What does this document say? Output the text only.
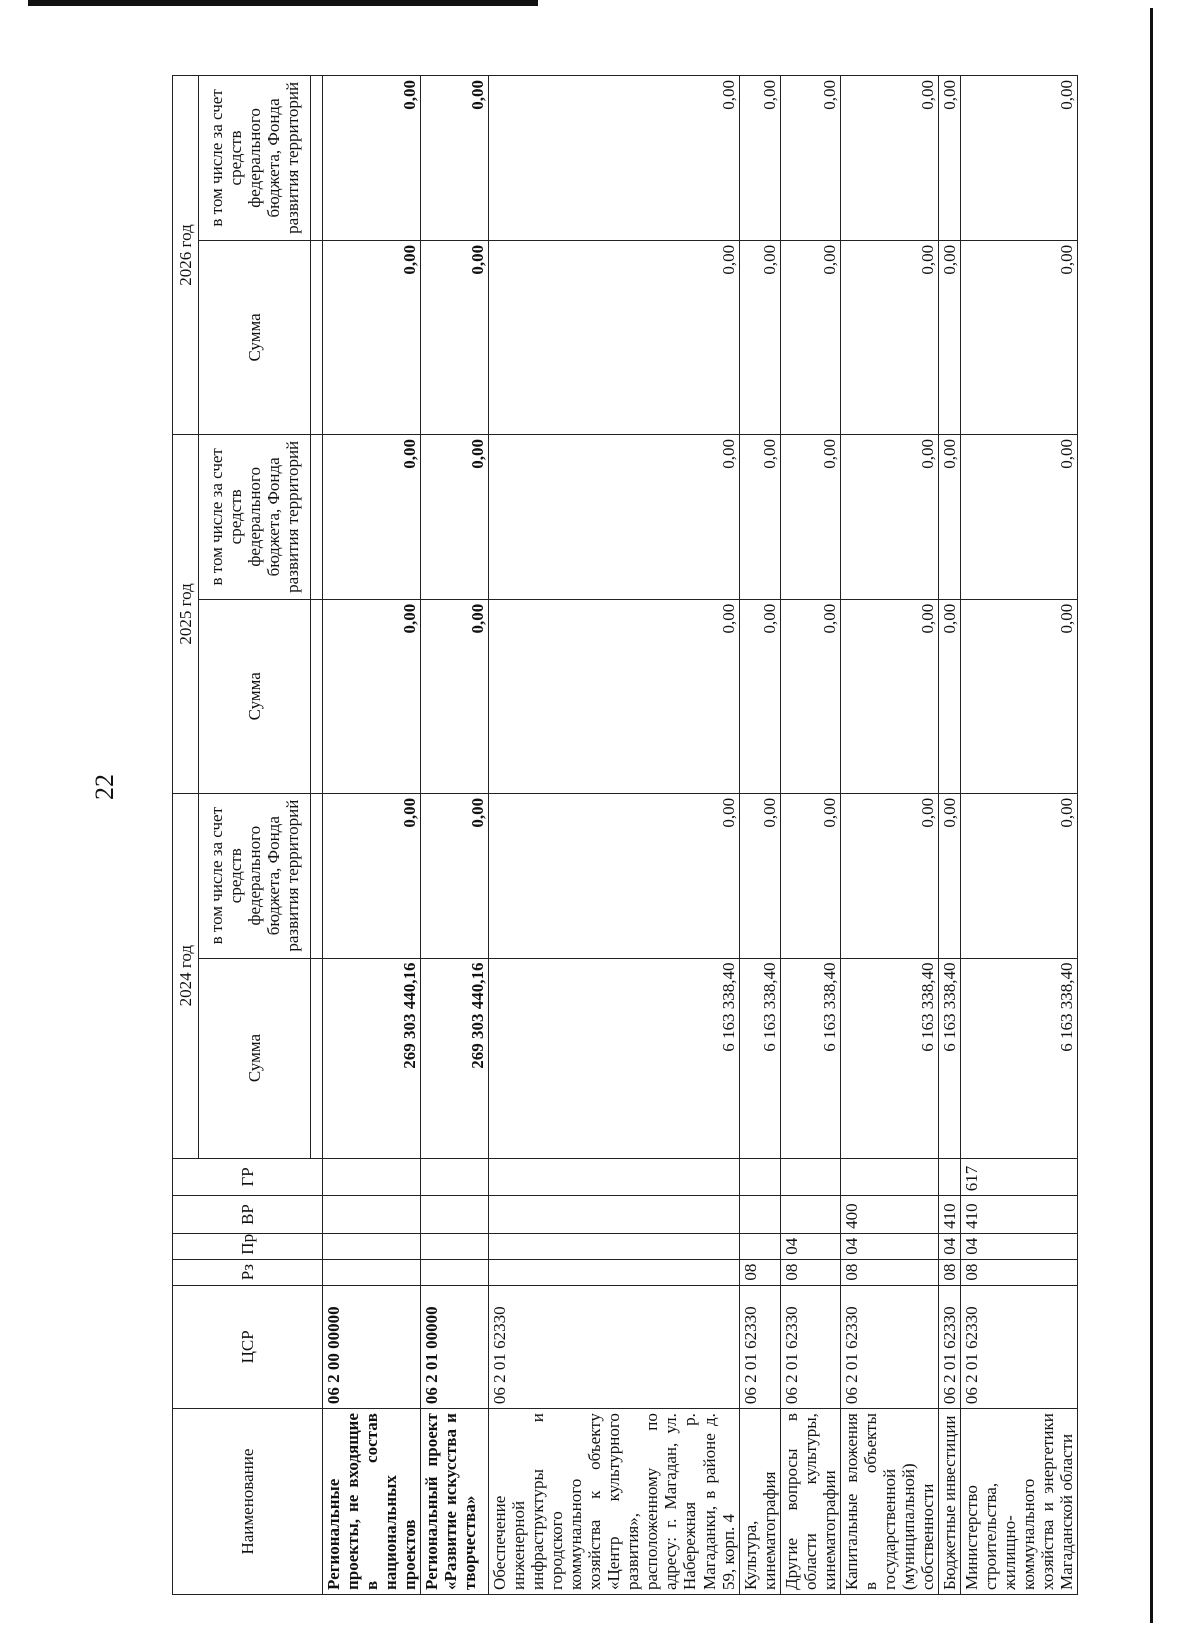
22
Наименование	ЦСР	Рз	Пр	ВР	ГР	2024 год		2025 год		2026 год	
						Сумма	в том числе за счет средств федерального бюджета, Фонда развития территорий	Сумма	в том числе за счет средств федерального бюджета, Фонда развития территорий	Сумма	в том числе за счет средств федерального бюджета, Фонда развития территорий

Региональные проекты, не входящие в состав национальных проектов	06 2 00 00000					269 303 440,16	0,00	0,00	0,00	0,00	0,00
Региональный проект «Развитие искусства и творчества»	06 2 01 00000					269 303 440,16	0,00	0,00	0,00	0,00	0,00
Обеспечение инженерной инфраструктуры и городского коммунального хозяйства к объекту «Центр культурного развития», расположенному по адресу: г. Магадан, ул. Набережная р. Магаданки, в районе д. 59, корп. 4	06 2 01 62330					6 163 338,40	0,00	0,00	0,00	0,00	0,00
Культура, кинематография	06 2 01 62330	08				6 163 338,40	0,00	0,00	0,00	0,00	0,00
Другие вопросы в области культуры, кинематографии	06 2 01 62330	08	04			6 163 338,40	0,00	0,00	0,00	0,00	0,00
Капитальные вложения в объекты государственной (муниципальной) собственности	06 2 01 62330	08	04	400		6 163 338,40	0,00	0,00	0,00	0,00	0,00
Бюджетные инвестиции	06 2 01 62330	08	04	410		6 163 338,40	0,00	0,00	0,00	0,00	0,00
Министерство строительства, жилищно-коммунального хозяйства и энергетики Магаданской области	06 2 01 62330	08	04	410	617	6 163 338,40	0,00	0,00	0,00	0,00	0,00
